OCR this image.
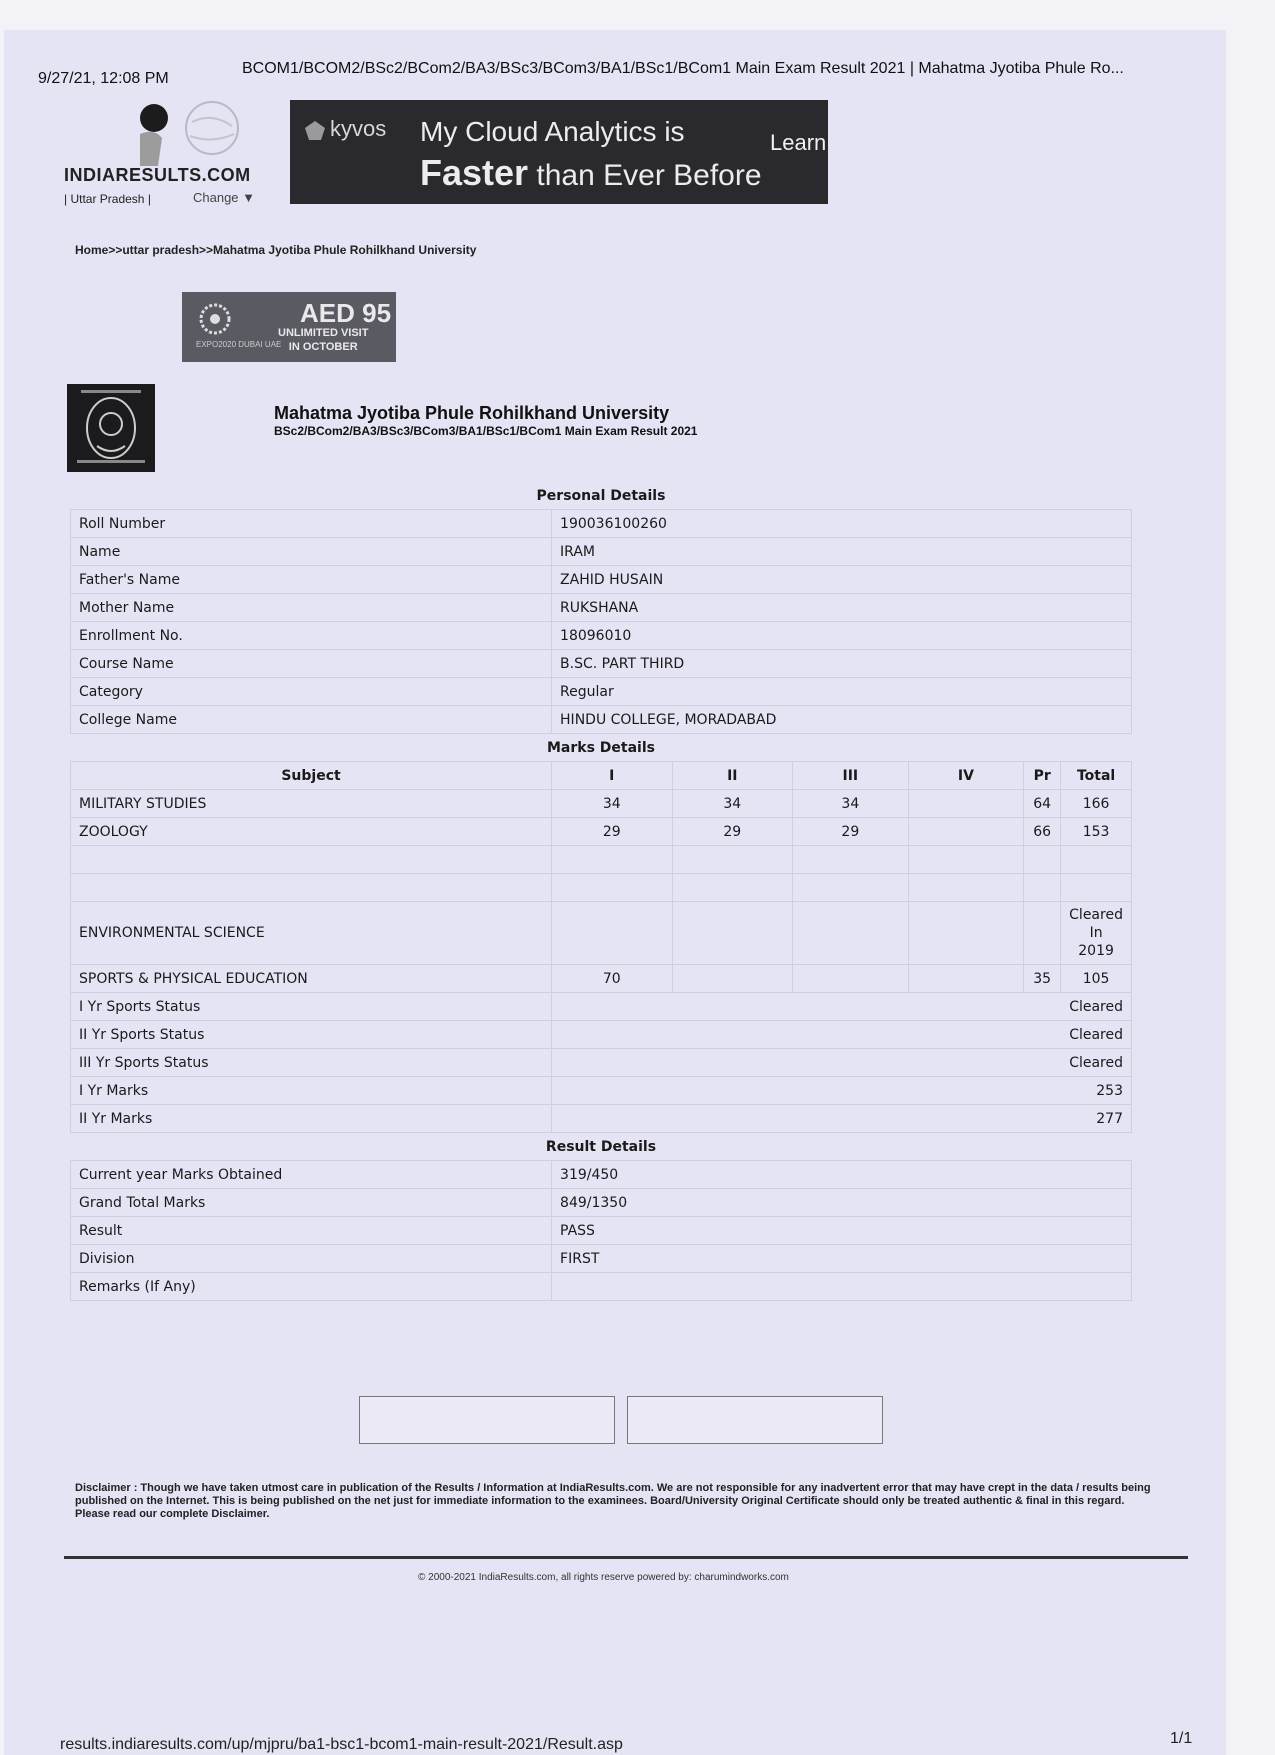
9/27/21, 12:08 PM
BCOM1/BCOM2/BSc2/BCom2/BA3/BSc3/BCom3/BA1/BSc1/BCom1 Main Exam Result 2021 | Mahatma Jyotiba Phule Ro...
INDIARESULTS.COM
| Uttar Pradesh |	Change ▼
kyvos My Cloud Analytics is
Faster than Ever Before
Learn
Home>>uttar pradesh>>Mahatma Jyotiba Phule Rohilkhand University
EXPO2020 DUBAI UAE
AED 95
UNLIMITED VISIT
IN OCTOBER
Mahatma Jyotiba Phule Rohilkhand University
BSc2/BCom2/BA3/BSc3/BCom3/BA1/BSc1/BCom1 Main Exam Result 2021
Personal Details						
Roll Number	190036100260					
Name	IRAM					
Father's Name	ZAHID HUSAIN					
Mother Name	RUKSHANA					
Enrollment No.	18096010					
Course Name	B.SC. PART THIRD					
Category	Regular					
College Name	HINDU COLLEGE, MORADABAD					
Marks Details						
Subject	I	II	III	IV	Pr	Total
MILITARY STUDIES	34	34	34		64	166
ZOOLOGY	29	29	29		66	153

ENVIRONMENTAL SCIENCE						Cleared
In
2019

SPORTS & PHYSICAL EDUCATION	70				35	105
I Yr Sports Status	Cleared					
II Yr Sports Status	Cleared					
III Yr Sports Status	Cleared					
I Yr Marks	253					
II Yr Marks	277					
Result Details						
Current year Marks Obtained	319/450					
Grand Total Marks	849/1350					
Result	PASS					
Division	FIRST					
Remarks (If Any)						
Disclaimer : Though we have taken utmost care in publication of the Results / Information at IndiaResults.com. We are not responsible for any inadvertent error that may have crept in the data / results being published on the Internet. This is being published on the net just for immediate information to the examinees. Board/University Original Certificate should only be treated authentic & final in this regard. Please read our complete Disclaimer.
© 2000-2021 IndiaResults.com, all rights reserve powered by: charumindworks.com
results.indiaresults.com/up/mjpru/ba1-bsc1-bcom1-main-result-2021/Result.asp	1/1
